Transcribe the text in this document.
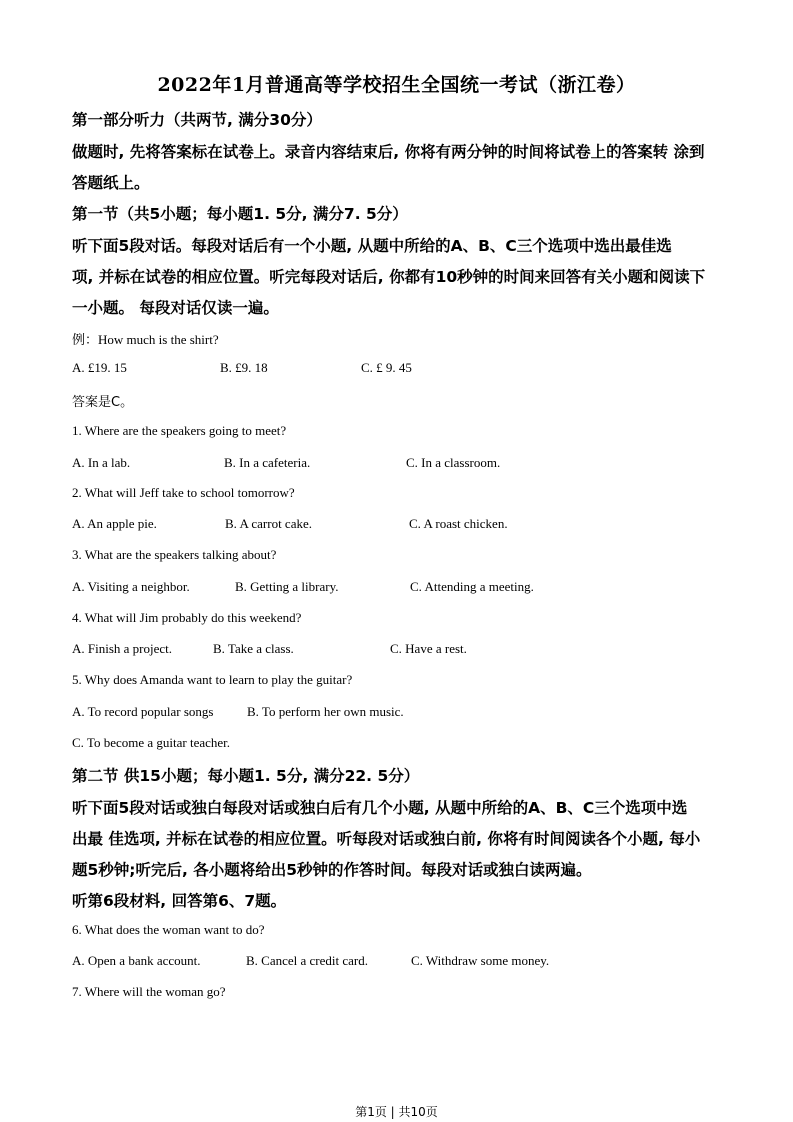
2022年1月普通高等学校招生全国统一考试（浙江卷）
第一部分听力（共两节, 满分30分）
做题时, 先将答案标在试卷上。录音内容结束后, 你将有两分钟的时间将试卷上的答案转 涂到
答题纸上。
第一节（共5小题；每小题1. 5分, 满分7. 5分）
听下面5段对话。每段对话后有一个小题, 从题中所给的A、B、C三个选项中选出最佳选
项, 并标在试卷的相应位置。听完每段对话后, 你都有10秒钟的时间来回答有关小题和阅读下
一小题。 每段对话仅读一遍。
例：How much is the shirt?
A. £19. 15	B. £9. 18	C. £ 9. 45
答案是C。
1. Where are the speakers going to meet?
A. In a lab.	B. In a cafeteria.	C. In a classroom.
2. What will Jeff take to school tomorrow?
A. An apple pie.	B. A carrot cake.	C. A roast chicken.
3. What are the speakers talking about?
A. Visiting a neighbor.	B. Getting a library.	C. Attending a meeting.
4. What will Jim probably do this weekend?
A. Finish a project.	B. Take a class.	C. Have a rest.
5. Why does Amanda want to learn to play the guitar?
A. To record popular songs	B. To perform her own music.
C. To become a guitar teacher.
第二节 供15小题；每小题1. 5分, 满分22. 5分）
听下面5段对话或独白每段对话或独白后有几个小题, 从题中所给的A、B、C三个选项中选
出最 佳选项, 并标在试卷的相应位置。听每段对话或独白前, 你将有时间阅读各个小题, 每小
题5秒钟;听完后, 各小题将给出5秒钟的作答时间。每段对话或独白读两遍。
听第6段材料, 回答第6、7题。
6. What does the woman want to do?
A. Open a bank account.	B. Cancel a credit card.	C. Withdraw some money.
7. Where will the woman go?
第1页 | 共10页
